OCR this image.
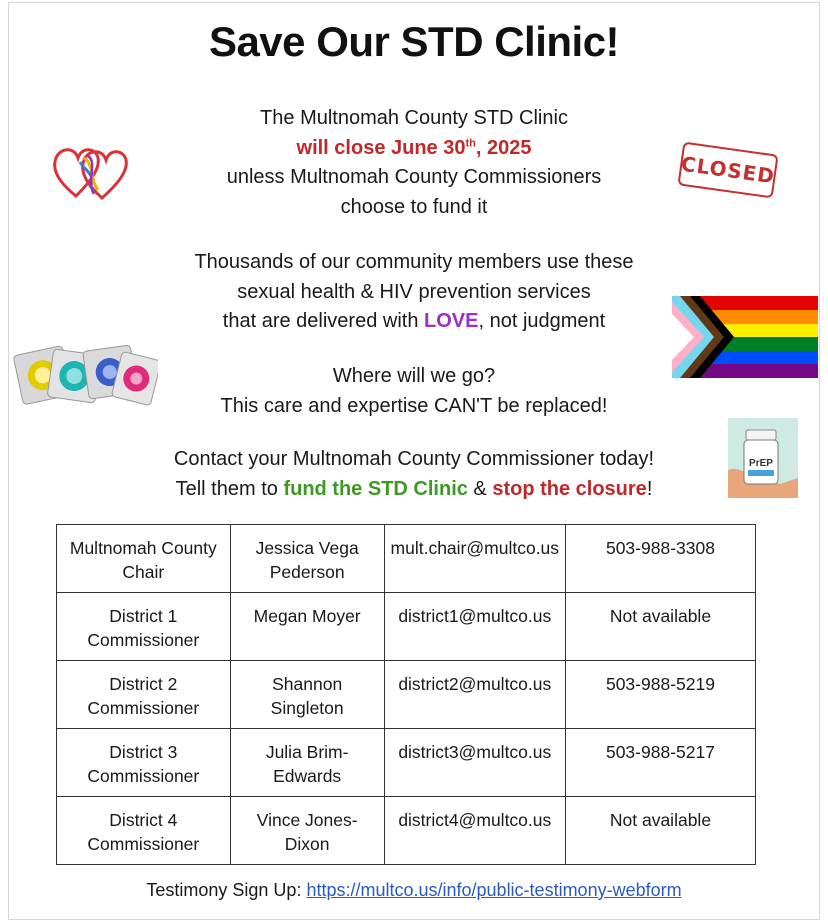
Save Our STD Clinic!
The Multnomah County STD Clinic
will close June 30th, 2025
unless Multnomah County Commissioners
choose to fund it
Thousands of our community members use these
sexual health & HIV prevention services
that are delivered with LOVE, not judgment
Where will we go?
This care and expertise CAN'T be replaced!
Contact your Multnomah County Commissioner today!
Tell them to fund the STD Clinic & stop the closure!
CLOSED
PrEP
Multnomah County Chair	Jessica Vega Pederson	mult.chair@multco.us	503-988-3308
District 1 Commissioner	Megan Moyer	district1@multco.us	Not available
District 2 Commissioner	Shannon Singleton	district2@multco.us	503-988-5219
District 3 Commissioner	Julia Brim-Edwards	district3@multco.us	503-988-5217
District 4 Commissioner	Vince Jones-Dixon	district4@multco.us	Not available
Testimony Sign Up: https://multco.us/info/public-testimony-webform
